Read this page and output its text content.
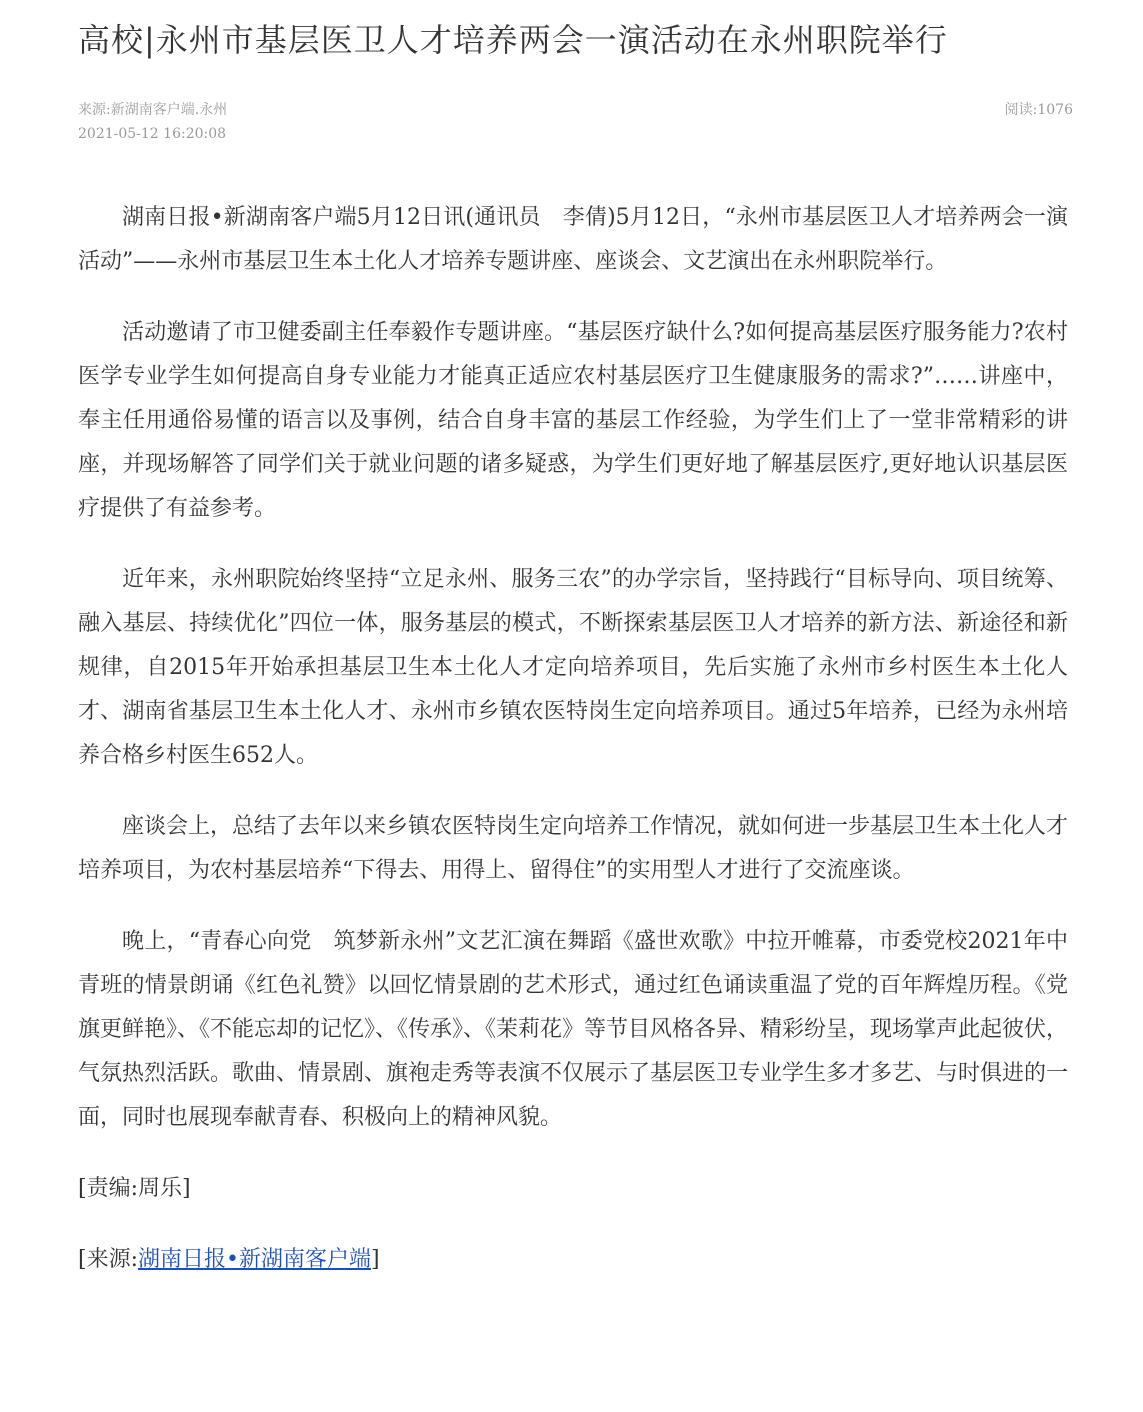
高校|永州市基层医卫人才培养两会一演活动在永州职院举行
来源:新湖南客户端.永州
2021-05-12 16:20:08
阅读:1076

湖南日报•新湖南客户端5月12日讯(通讯员　李倩)5月12日，“永州市基层医卫人才培养两会一演活动”——永州市基层卫生本土化人才培养专题讲座、座谈会、文艺演出在永州职院举行。

活动邀请了市卫健委副主任奉毅作专题讲座。“基层医疗缺什么?如何提高基层医疗服务能力?农村医学专业学生如何提高自身专业能力才能真正适应农村基层医疗卫生健康服务的需求?”……讲座中，奉主任用通俗易懂的语言以及事例，结合自身丰富的基层工作经验，为学生们上了一堂非常精彩的讲座，并现场解答了同学们关于就业问题的诸多疑惑，为学生们更好地了解基层医疗,更好地认识基层医疗提供了有益参考。

近年来，永州职院始终坚持“立足永州、服务三农”的办学宗旨，坚持践行“目标导向、项目统筹、融入基层、持续优化”四位一体，服务基层的模式，不断探索基层医卫人才培养的新方法、新途径和新规律，自2015年开始承担基层卫生本土化人才定向培养项目，先后实施了永州市乡村医生本土化人才、湖南省基层卫生本土化人才、永州市乡镇农医特岗生定向培养项目。通过5年培养，已经为永州培养合格乡村医生652人。

座谈会上，总结了去年以来乡镇农医特岗生定向培养工作情况，就如何进一步基层卫生本土化人才培养项目，为农村基层培养“下得去、用得上、留得住”的实用型人才进行了交流座谈。

晚上，“青春心向党　筑梦新永州”文艺汇演在舞蹈《盛世欢歌》中拉开帷幕，市委党校2021年中青班的情景朗诵《红色礼赞》以回忆情景剧的艺术形式，通过红色诵读重温了党的百年辉煌历程。《党旗更鲜艳》、《不能忘却的记忆》、《传承》、《茉莉花》等节目风格各异、精彩纷呈，现场掌声此起彼伏，气氛热烈活跃。歌曲、情景剧、旗袍走秀等表演不仅展示了基层医卫专业学生多才多艺、与时俱进的一面，同时也展现奉献青春、积极向上的精神风貌。

[责编:周乐]

[来源:湖南日报•新湖南客户端]
